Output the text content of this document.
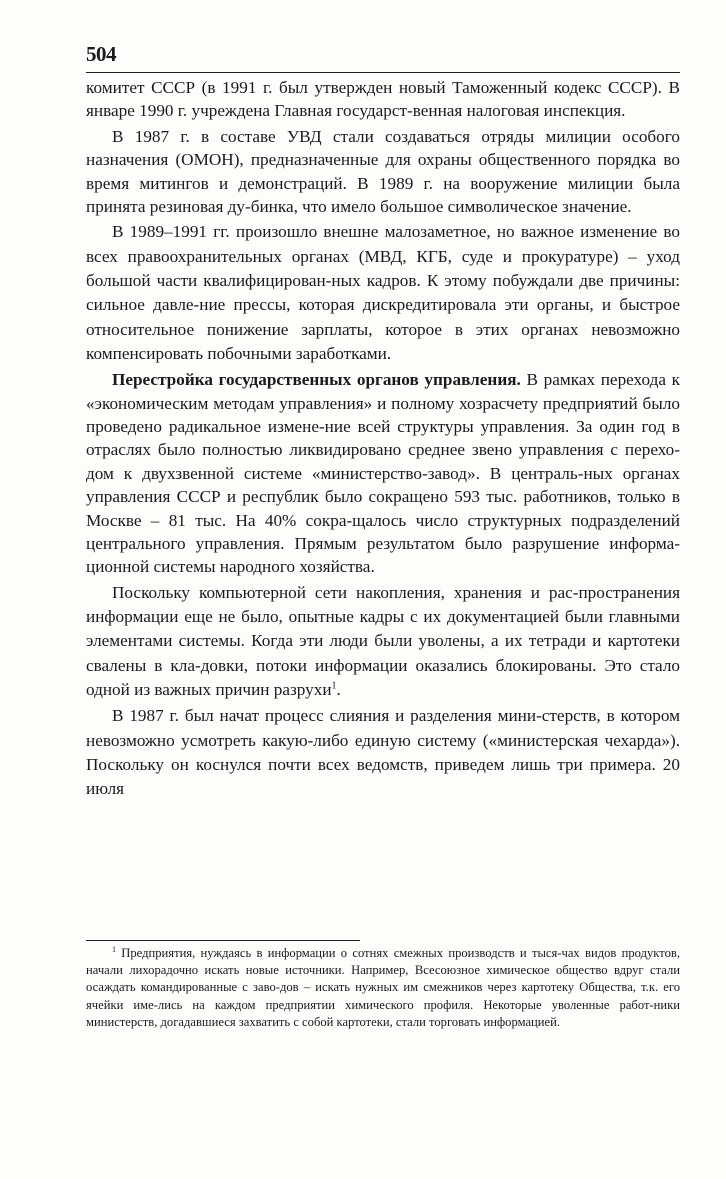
504

комитет СССР (в 1991 г. был утвержден новый Таможенный кодекс СССР). В январе 1990 г. учреждена Главная государст-венная налоговая инспекция.

В 1987 г. в составе УВД стали создаваться отряды милиции особого назначения (ОМОН), предназначенные для охраны общественного порядка во время митингов и демонстраций. В 1989 г. на вооружение милиции была принята резиновая ду-бинка, что имело большое символическое значение.

В 1989–1991 гг. произошло внешне малозаметное, но важное изменение во всех правоохранительных органах (МВД, КГБ, суде и прокуратуре) – уход большой части квалифицирован-ных кадров. К этому побуждали две причины: сильное давле-ние прессы, которая дискредитировала эти органы, и быстрое относительное понижение зарплаты, которое в этих органах невозможно компенсировать побочными заработками.

Перестройка государственных органов управления. В рамках перехода к «экономическим методам управления» и полному хозрасчету предприятий было проведено радикальное измене-ние всей структуры управления. За один год в отраслях было полностью ликвидировано среднее звено управления с перехо-дом к двухзвенной системе «министерство-завод». В централь-ных органах управления СССР и республик было сокращено 593 тыс. работников, только в Москве – 81 тыс. На 40% сокра-щалось число структурных подразделений центрального управления. Прямым результатом было разрушение информа-ционной системы народного хозяйства.

Поскольку компьютерной сети накопления, хранения и рас-пространения информации еще не было, опытные кадры с их документацией были главными элементами системы. Когда эти люди были уволены, а их тетради и картотеки свалены в кла-довки, потоки информации оказались блокированы. Это стало одной из важных причин разрухи$^1$.

В 1987 г. был начат процесс слияния и разделения мини-стерств, в котором невозможно усмотреть какую-либо единую систему («министерская чехарда»). Поскольку он коснулся почти всех ведомств, приведем лишь три примера. 20 июля

$^1$ Предприятия, нуждаясь в информации о сотнях смежных производств и тыся-чах видов продуктов, начали лихорадочно искать новые источники. Например, Всесоюзное химическое общество вдруг стали осаждать командированные с заво-дов – искать нужных им смежников через картотеку Общества, т.к. его ячейки име-лись на каждом предприятии химического профиля. Некоторые уволенные работ-ники министерств, догадавшиеся захватить с собой картотеки, стали торговать информацией.
